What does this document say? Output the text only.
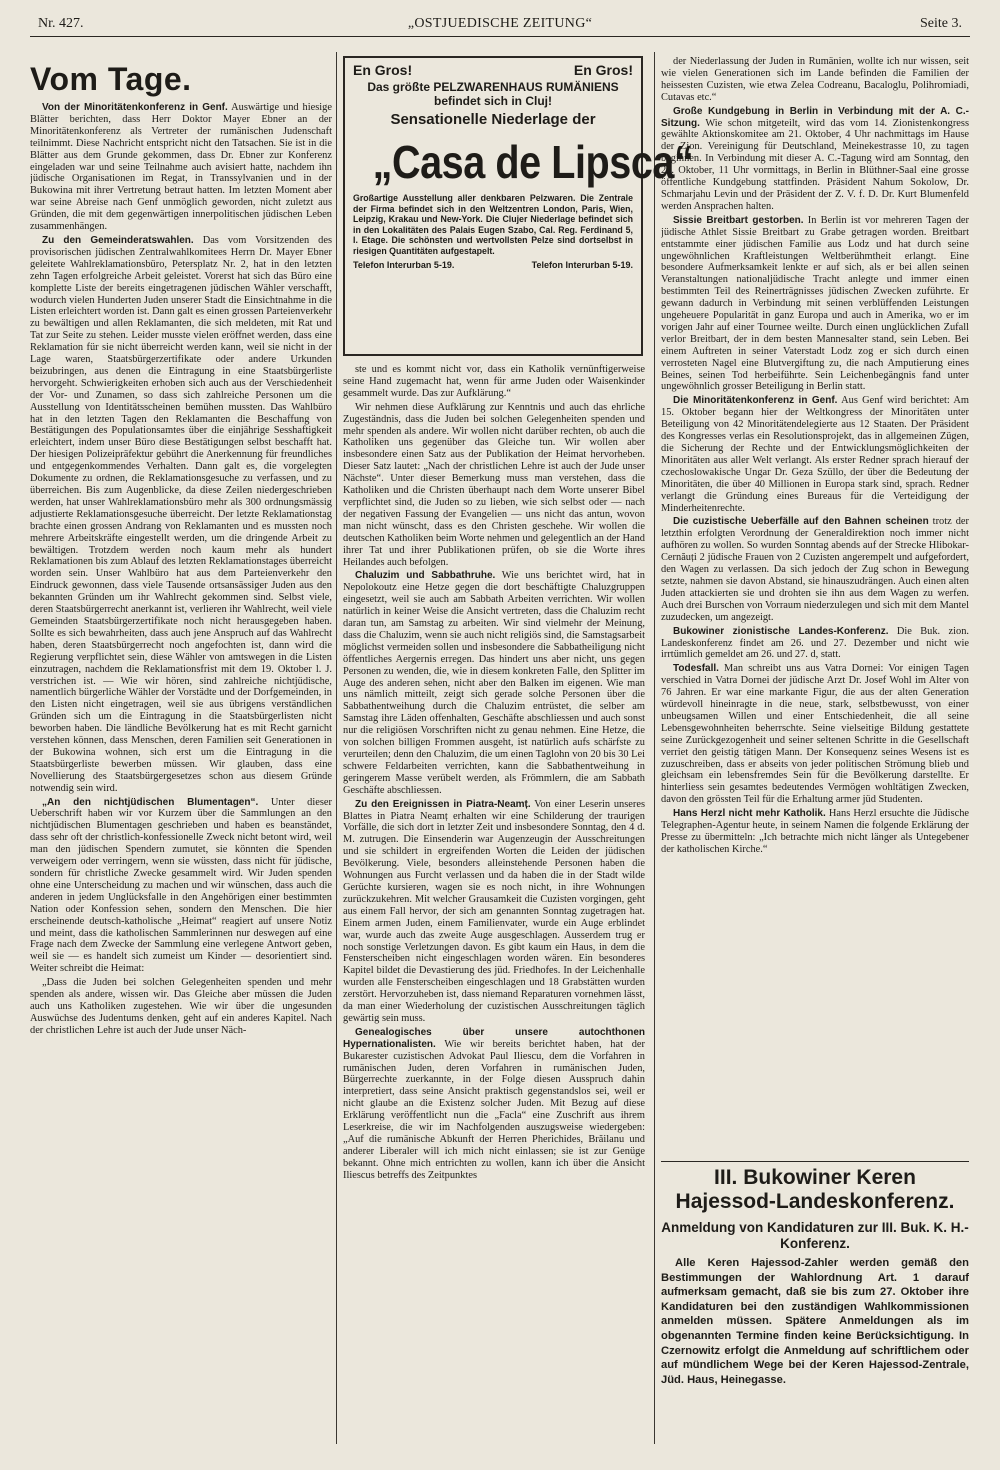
Nr. 427.	„OSTJUEDISCHE ZEITUNG“	Seite 3.
Vom Tage.

Von der Minoritätenkonferenz in Genf. Auswärtige und hiesige Blätter berichten, dass Herr Doktor Mayer Ebner an der Minoritätenkonferenz als Vertreter der rumänischen Judenschaft teilnimmt. Diese Nachricht entspricht nicht den Tatsachen. Sie ist in die Blätter aus dem Grunde gekommen, dass Dr. Ebner zur Konferenz eingeladen war und seine Teilnahme auch avisiert hatte, nachdem ihn jüdische Organisationen im Regat, in Transsylvanien und in der Bukowina mit ihrer Vertretung betraut hatten. Im letzten Moment aber war seine Abreise nach Genf unmöglich geworden, nicht zuletzt aus Gründen, die mit dem gegenwärtigen innerpolitischen jüdischen Leben zusammenhängen.

Zu den Gemeinderatswahlen. Das vom Vorsitzenden des provisorischen jüdischen Zentralwahlkomitees Herrn Dr. Mayer Ebner geleitete Wahlreklamationsbüro, Petersplatz Nr. 2, hat in den letzten zehn Tagen erfolgreiche Arbeit geleistet. Vorerst hat sich das Büro eine komplette Liste der bereits eingetragenen jüdischen Wähler verschafft, wodurch vielen Hunderten Juden unserer Stadt die Einsichtnahme in die Listen erleichtert worden ist. Dann galt es einen grossen Parteienverkehr zu bewältigen und allen Reklamanten, die sich meldeten, mit Rat und Tat zur Seite zu stehen. Leider musste vielen eröffnet werden, dass eine Reklamation für sie nicht überreicht werden kann, weil sie nicht in der Lage waren, Staatsbürgerzertifikate oder andere Urkunden beizubringen, aus denen die Eintragung in eine Staatsbürgerliste hervorgeht. Schwierigkeiten erhoben sich auch aus der Verschiedenheit der Vor- und Zunamen, so dass sich zahlreiche Personen um die Ausstellung von Identitätsscheinen bemühen mussten. Das Wahlbüro hat in den letzten Tagen den Reklamanten die Beschaffung von Bestätigungen des Populationsamtes über die einjährige Sesshaftigkeit erleichtert, indem unser Büro diese Bestätigungen selbst beschafft hat. Der hiesigen Polizeipräfektur gebührt die Anerkennung für freundliches und entgegenkommendes Verhalten. Dann galt es, die vorgelegten Dokumente zu ordnen, die Reklamationsgesuche zu verfassen, und zu überreichen. Bis zum Augenblicke, da diese Zeilen niedergeschrieben werden, hat unser Wahlreklamationsbüro mehr als 300 ordnungsmässig adjustierte Reklamationsgesuche überreicht. Der letzte Reklamationstag brachte einen grossen Andrang von Reklamanten und es mussten noch mehrere Arbeitskräfte eingestellt werden, um die dringende Arbeit zu bewältigen. Trotzdem werden noch kaum mehr als hundert Reklamationen bis zum Ablauf des letzten Reklamationstages überreicht worden sein. Unser Wahlbüro hat aus dem Parteienverkehr den Eindruck gewonnen, dass viele Tausende ortsansässiger Juden aus den bekannten Gründen um ihr Wahlrecht gekommen sind. Selbst viele, deren Staatsbürgerrecht anerkannt ist, verlieren ihr Wahlrecht, weil viele Gemeinden Staatsbürgerzertifikate noch nicht herausgegeben haben. Sollte es sich bewahrheiten, dass auch jene Anspruch auf das Wahlrecht haben, deren Staatsbürgerrecht noch angefochten ist, dann wird die Regierung verpflichtet sein, diese Wähler von amtswegen in die Listen einzutragen, nachdem die Reklamationsfrist mit dem 19. Oktober l. J. verstrichen ist. — Wie wir hören, sind zahlreiche nichtjüdische, namentlich bürgerliche Wähler der Vorstädte und der Dorfgemeinden, in den Listen nicht eingetragen, weil sie aus übrigens verständlichen Gründen sich um die Eintragung in die Staatsbürgerlisten nicht beworben haben. Die ländliche Bevölkerung hat es mit Recht garnicht verstehen können, dass Menschen, deren Familien seit Generationen in der Bukowina wohnen, sich erst um die Eintragung in die Staatsbürgerliste bewerben müssen. Wir glauben, dass eine Novellierung des Staatsbürgergesetzes schon aus diesem Gründe notwendig sein wird.

„An den nichtjüdischen Blumentagen“. Unter dieser Ueberschrift haben wir vor Kurzem über die Sammlungen an den nichtjüdischen Blumentagen geschrieben und haben es beanständet, dass sehr oft der christlich-konfessionelle Zweck nicht betont wird, weil man den jüdischen Spendern zumutet, sie könnten die Spenden verweigern oder verringern, wenn sie wüssten, dass nicht für jüdische, sondern für christliche Zwecke gesammelt wird. Wir Juden spenden ohne eine Unterscheidung zu machen und wir wünschen, dass auch die anderen in jedem Unglücksfalle in den Angehörigen einer bestimmten Nation oder Konfession sehen, sondern den Menschen. Die hier erscheinende deutsch-katholische „Heimat“ reagiert auf unsere Notiz und meint, dass die katholischen Sammlerinnen nur deswegen auf eine Frage nach dem Zwecke der Sammlung eine verlegene Antwort geben, weil sie — es handelt sich zumeist um Kinder — desorientiert sind. Weiter schreibt die Heimat:

„Dass die Juden bei solchen Gelegenheiten spenden und mehr spenden als andere, wissen wir. Das Gleiche aber müssen die Juden auch uns Katholiken zugestehen. Wie wir über die ungesunden Auswüchse des Judentums denken, geht auf ein anderes Kapitel. Nach der christlichen Lehre ist auch der Jude unser Näch-

En Gros!	En Gros!
Das größte PELZWARENHAUS RUMÄNIENS
befindet sich in Cluj!
Sensationelle Niederlage der
„Casa de Lipsca“
Großartige Ausstellung aller denkbaren Pelzwaren. Die Zentrale der Firma befindet sich in den Weltzentren London, Paris, Wien, Leipzig, Krakau und New-York. Die Clujer Niederlage befindet sich in den Lokalitäten des Palais Eugen Szabo, Cal. Reg. Ferdinand 5, I. Etage. Die schönsten und wertvollsten Pelze sind dortselbst in riesigen Quantitäten aufgestapelt.
Telefon Interurban 5-19.	Telefon Interurban 5-19.

ste und es kommt nicht vor, dass ein Katholik vernünftigerweise seine Hand zugemacht hat, wenn für arme Juden oder Waisenkinder gesammelt wurde. Das zur Aufklärung.“

Wir nehmen diese Aufklärung zur Kenntnis und auch das ehrliche Zugeständnis, dass die Juden bei solchen Gelegenheiten spenden und mehr spenden als andere. Wir wollen nicht darüber rechten, ob auch die Katholiken uns gegenüber das Gleiche tun. Wir wollen aber insbesondere einen Satz aus der Publikation der Heimat hervorheben. Dieser Satz lautet: „Nach der christlichen Lehre ist auch der Jude unser Nächste“. Unter dieser Bemerkung muss man verstehen, dass die Katholiken und die Christen überhaupt nach dem Worte unserer Bibel verpflichtet sind, die Juden so zu lieben, wie sich selbst oder — nach der negativen Fassung der Evangelien — uns nicht das antun, wovon man nicht wünscht, dass es den Christen geschehe. Wir wollen die deutschen Katholiken beim Worte nehmen und gelegentlich an der Hand ihrer Tat und ihrer Publikationen prüfen, ob sie die Worte ihres Heilandes auch befolgen.

Chaluzim und Sabbathruhe. Wie uns berichtet wird, hat in Nepolokoutz eine Hetze gegen die dort beschäftigte Chaluzgruppen eingesetzt, weil sie auch am Sabbath Arbeiten verrichten. Wir wollen natürlich in keiner Weise die Ansicht vertreten, dass die Chaluzim recht daran tun, am Samstag zu arbeiten. Wir sind vielmehr der Meinung, dass die Chaluzim, wenn sie auch nicht religiös sind, die Samstagsarbeit möglichst vermeiden sollen und insbesondere die Sabbatheiligung nicht öffentliches Aergernis erregen. Das hindert uns aber nicht, uns gegen Personen zu wenden, die, wie in diesem konkreten Falle, den Splitter im Auge des anderen sehen, nicht aber den Balken im eigenen. Wie man uns nämlich mitteilt, zeigt sich gerade solche Personen über die Sabbathentweihung durch die Chaluzim entrüstet, die selber am Samstag ihre Läden offenhalten, Geschäfte abschliessen und auch sonst nur die religiösen Vorschriften nicht zu genau nehmen. Eine Hetze, die von solchen billigen Frommen ausgeht, ist natürlich aufs schärfste zu verurteilen; denn den Chaluzim, die um einen Taglohn von 20 bis 30 Lei schwere Feldarbeiten verrichten, kann die Sabbathentweihung in geringerem Masse verübelt werden, als Frömmlern, die am Sabbath Geschäfte abschliessen.

Zu den Ereignissen in Piatra-Neamț. Von einer Leserin unseres Blattes in Piatra Neamț erhalten wir eine Schilderung der traurigen Vorfälle, die sich dort in letzter Zeit und insbesondere Sonntag, den 4 d. M. zutrugen. Die Einsenderin war Augenzeugin der Ausschreitungen und sie schildert in ergreifenden Worten die Leiden der jüdischen Bevölkerung. Viele, besonders alleinstehende Personen haben die Wohnungen aus Furcht verlassen und da haben die in der Stadt wilde Gerüchte kursieren, wagen sie es noch nicht, in ihre Wohnungen zurückzukehren. Mit welcher Grausamkeit die Cuzisten vorgingen, geht aus einem Fall hervor, der sich am genannten Sonntag zugetragen hat. Einem armen Juden, einem Familienvater, wurde ein Auge erblindet war, wurde auch das zweite Auge ausgeschlagen. Ausserdem trug er noch sonstige Verletzungen davon. Es gibt kaum ein Haus, in dem die Fensterscheiben nicht eingeschlagen worden wären. Ein besonderes Kapitel bildet die Devastierung des jüd. Friedhofes. In der Leichenhalle wurden alle Fensterscheiben eingeschlagen und 18 Grabstätten wurden zerstört. Hervorzuheben ist, dass niemand Reparaturen vornehmen lässt, da man einer Wiederholung der cuzistischen Ausschreitungen täglich gewärtig sein muss.

Genealogisches über unsere autochthonen Hypernationalisten. Wie wir bereits berichtet haben, hat der Bukarester cuzistischen Advokat Paul Iliescu, dem die Vorfahren in rumänischen Juden, deren Vorfahren in rumänischen Juden, Bürgerrechte zuerkannte, in der Folge diesen Ausspruch dahin interpretiert, dass seine Ansicht praktisch gegenstandslos sei, weil er nicht glaube an die Existenz solcher Juden. Mit Bezug auf diese Erklärung veröffentlicht nun die „Facla“ eine Zuschrift aus ihrem Leserkreise, die wir im Nachfolgenden auszugsweise wiedergeben: „Auf die rumänische Abkunft der Herren Pherichides, Brăilanu und anderer Liberaler will ich mich nicht einlassen; sie ist zur Genüge bekannt. Ohne mich entrichten zu wollen, kann ich über die Ansicht Iliescus betreffs des Zeitpunktes

der Niederlassung der Juden in Rumänien, wollte ich nur wissen, seit wie vielen Generationen sich im Lande befinden die Familien der heissesten Cuzisten, wie etwa Zelea Codreanu, Bacaloglu, Polihromiadi, Cutavas etc.“

Große Kundgebung in Berlin in Verbindung mit der A. C.-Sitzung. Wie schon mitgeteilt, wird das vom 14. Zionistenkongress gewählte Aktionskomitee am 21. Oktober, 4 Uhr nachmittags im Hause der Zion. Vereinigung für Deutschland, Meinekestrasse 10, zu tagen beginnen. In Verbindung mit dieser A. C.-Tagung wird am Sonntag, den 25. Oktober, 11 Uhr vormittags, in Berlin in Blüthner-Saal eine grosse öffentliche Kundgebung stattfinden. Präsident Nahum Sokolow, Dr. Schmarjahu Levin und der Präsident der Z. V. f. D. Dr. Kurt Blumenfeld werden Ansprachen halten.

Sissie Breitbart gestorben. In Berlin ist vor mehreren Tagen der jüdische Athlet Sissie Breitbart zu Grabe getragen worden. Breitbart entstammte einer jüdischen Familie aus Lodz und hat durch seine ungewöhnlichen Kraftleistungen Weltberühmtheit erlangt. Eine besondere Aufmerksamkeit lenkte er auf sich, als er bei allen seinen Veranstaltungen nationaljüdische Tracht anlegte und immer einen bestimmten Teil des Reinerträgnisses jüdischen Zwecken zuführte. Er gewann dadurch in Verbindung mit seinen verblüffenden Leistungen ungeheuere Popularität in ganz Europa und auch in Amerika, wo er im vorigen Jahr auf einer Tournee weilte. Durch einen unglücklichen Zufall verlor Breitbart, der in dem besten Mannesalter stand, sein Leben. Bei einem Auftreten in seiner Vaterstadt Lodz zog er sich durch einen verrosteten Nagel eine Blutvergiftung zu, die nach Amputierung eines Beines, seinen Tod herbeiführte. Sein Leichenbegängnis fand unter ungewöhnlich grosser Beteiligung in Berlin statt.

Die Minoritätenkonferenz in Genf. Aus Genf wird berichtet: Am 15. Oktober begann hier der Weltkongress der Minoritäten unter Beteiligung von 42 Minoritätendelegierte aus 12 Staaten. Der Präsident des Kongresses verlas ein Resolutionsprojekt, das in allgemeinen Zügen, die Sicherung der Rechte und der Entwicklungsmöglichkeiten der Minoritäten aus aller Welt verlangt. Als erster Redner sprach hierauf der czechoslowakische Ungar Dr. Geza Szüllo, der über die Bedeutung der Minoritäten, die über 40 Millionen in Europa stark sind, sprach. Redner verlangt die Gründung eines Bureaus für die Verteidigung der Minderheitenrechte.

Die cuzistische Ueberfälle auf den Bahnen scheinen trotz der letzthin erfolgten Verordnung der Generaldirektion noch immer nicht aufhören zu wollen. So wurden Sonntag abends auf der Strecke Hlibokar-Cernăuți 2 jüdische Frauen von 2 Cuzisten angerempelt und aufgefordert, den Wagen zu verlassen. Da sich jedoch der Zug schon in Bewegung setzte, nahmen sie davon Abstand, sie hinauszudrängen. Auch einen alten Juden attackierten sie und drohten sie ihn aus dem Wagen zu werfen. Auch drei Burschen von Vorraum niederzulegen und sich mit dem Mantel zuzudecken, um angezeigt.

Bukowiner zionistische Landes-Konferenz. Die Buk. zion. Landeskonferenz findet am 26. und 27. Dezember und nicht wie irrtümlich gemeldet am 26. und 27. d, statt.

Todesfall. Man schreibt uns aus Vatra Dornei: Vor einigen Tagen verschied in Vatra Dornei der jüdische Arzt Dr. Josef Wohl im Alter von 76 Jahren. Er war eine markante Figur, die aus der alten Generation würdevoll hineinragte in die neue, stark, selbstbewusst, von einer unbeugsamen Willen und einer Entschiedenheit, die all seine Lebensgewohnheiten beherrschte. Seine vielseitige Bildung gestattete seine Zurückgezogenheit und seiner seltenen Schritte in die Gesellschaft verriet den geistig tätigen Mann. Der Konsequenz seines Wesens ist es zuzuschreiben, dass er abseits von jeder politischen Strömung blieb und gleichsam ein lebensfremdes Sein für die Bevölkerung darstellte. Er hinterliess sein gesamtes bedeutendes Vermögen wohltätigen Zwecken, davon den grössten Teil für die Erhaltung armer jüd Studenten.

Hans Herzl nicht mehr Katholik. Hans Herzl ersuchte die Jüdische Telegraphen-Agentur heute, in seinem Namen die folgende Erklärung der Presse zu übermitteln: „Ich betrachte mich nicht länger als Untegebener der katholischen Kirche.“

III. Bukowiner Keren Hajessod-Landeskonferenz.
Anmeldung von Kandidaturen zur III. Buk. K. H.-Konferenz.

Alle Keren Hajessod-Zahler werden gemäß den Bestimmungen der Wahlordnung Art. 1 darauf aufmerksam gemacht, daß sie bis zum 27. Oktober ihre Kandidaturen bei den zuständigen Wahlkommissionen anmelden müssen. Spätere Anmeldungen als im obgenannten Termine finden keine Berücksichtigung. In Czernowitz erfolgt die Anmeldung auf schriftlichem oder auf mündlichem Wege bei der Keren Hajessod-Zentrale, Jüd. Haus, Heinegasse.
